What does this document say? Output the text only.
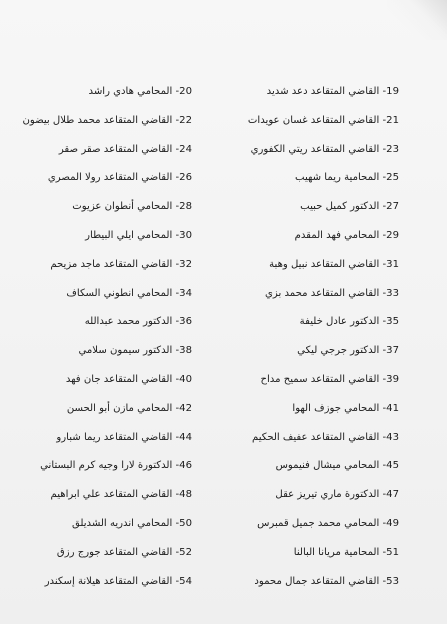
19- القاضي المتقاعد دعد شديد
21- القاضي المتقاعد غسان عويدات
23- القاضي المتقاعد ريتي الكفوري
25- المحامية ريما شهيب
27- الدكتور كميل حبيب
29- المحامي فهد المقدم
31- القاضي المتقاعد نبيل وهبة
33- القاضي المتقاعد محمد بزي
35- الدكتور عادل خليفة
37- الدكتور جرجي ليكي
39- القاضي المتقاعد سميح مداح
41- المحامي جوزف الهوا
43- القاضي المتقاعد عفيف الحكيم
45- المحامي ميشال فنيموس
47- الدكتورة ماري تيريز عقل
49- المحامي محمد جميل قمبرس
51- المحامية مريانا البالنا
53- القاضي المتقاعد جمال محمود
20- المحامي هادي راشد
22- القاضي المتقاعد محمد طلال بيضون
24- القاضي المتقاعد صقر صقر
26- القاضي المتقاعد رولا المصري
28- المحامي أنطوان عزيوت
30- المحامي ايلي البيطار
32- القاضي المتقاعد ماجد مزيحم
34- المحامي انطوني السكاف
36- الدكتور محمد عبدالله
38- الدكتور سيمون سلامي
40- القاضي المتقاعد جان فهد
42- المحامي مازن أبو الحسن
44- القاضي المتقاعد ريما شبارو
46- الدكتورة لارا وجيه كرم البستاني
48- القاضي المتقاعد علي ابراهيم
50- المحامي اندريه الشديلق
52- القاضي المتقاعد جورج رزق
54- القاضي المتقاعد هيلانة إسكندر
